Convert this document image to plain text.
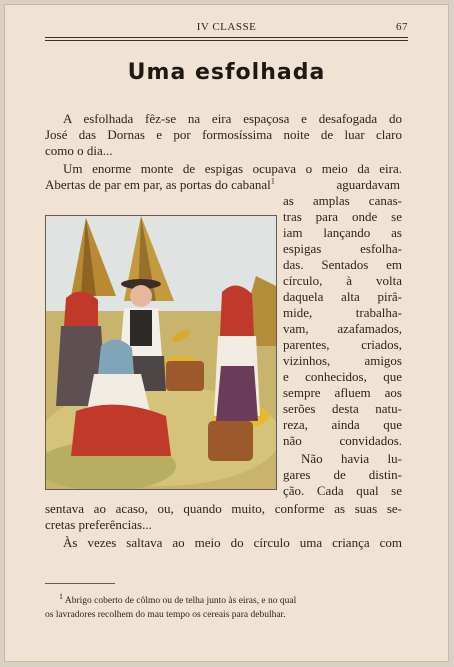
IV CLASSE	67
Uma esfolhada
A esfolhada fêz-se na eira espaçosa e desafogada do
José das Dornas e por formosíssima noite de luar claro
como o dia...
Um enorme monte de espigas ocupava o meio da eira.
Abertas de par em par, as portas do cabanal$^1$	aguardavam
as amplas canas-
tras para onde se
iam lançando as
espigas esfolha-
das. Sentados em
círculo, à volta
daquela alta pirâ-
mide, trabalha-
vam, azafamados,
parentes, criados,
vizinhos, amigos
e conhecidos, que
sempre afluem aos
serões desta natu-
reza, ainda que
não convidados.
Não havia lu-
gares de distin-
ção. Cada qual se
sentava ao acaso, ou, quando muito, conforme as suas se-
cretas preferências...
Às vezes saltava ao meio do círculo uma criança com
$^1$ Abrigo coberto de côlmo ou de telha junto às eiras, e no qual
os lavradores recolhem do mau tempo os cereais para debulhar.
